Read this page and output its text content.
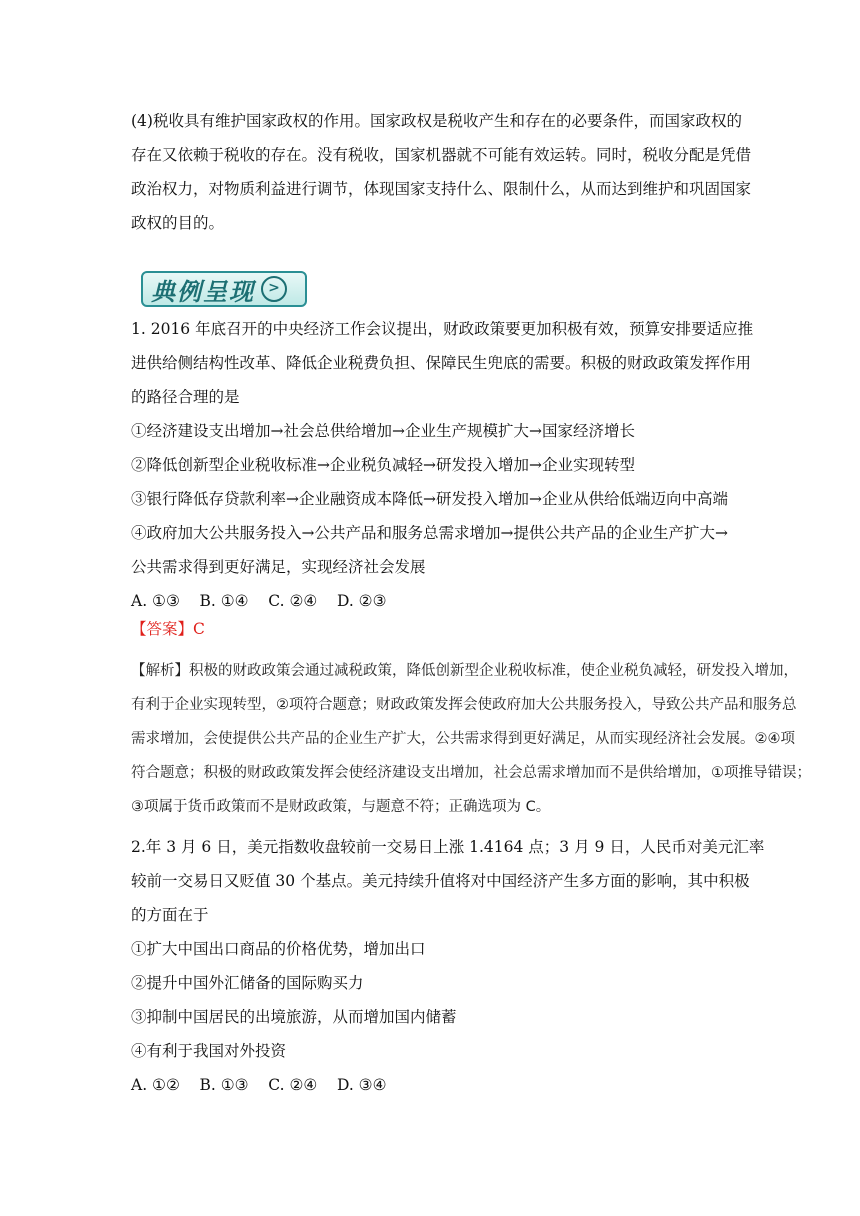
(4)税收具有维护国家政权的作用。国家政权是税收产生和存在的必要条件，而国家政权的
存在又依赖于税收的存在。没有税收，国家机器就不可能有效运转。同时，税收分配是凭借
政治权力，对物质利益进行调节，体现国家支持什么、限制什么，从而达到维护和巩固国家
政权的目的。
典例呈现 >
1. 2016 年底召开的中央经济工作会议提出，财政政策要更加积极有效，预算安排要适应推
进供给侧结构性改革、降低企业税费负担、保障民生兜底的需要。积极的财政政策发挥作用
的路径合理的是
①经济建设支出增加→社会总供给增加→企业生产规模扩大→国家经济增长
②降低创新型企业税收标准→企业税负减轻→研发投入增加→企业实现转型
③银行降低存贷款利率→企业融资成本降低→研发投入增加→企业从供给低端迈向中高端
④政府加大公共服务投入→公共产品和服务总需求增加→提供公共产品的企业生产扩大→
公共需求得到更好满足，实现经济社会发展
A. ①③    B. ①④    C. ②④    D. ②③
【答案】C
【解析】积极的财政政策会通过减税政策，降低创新型企业税收标准，使企业税负减轻，研发投入增加，
有利于企业实现转型，②项符合题意；财政政策发挥会使政府加大公共服务投入，导致公共产品和服务总
需求增加，会使提供公共产品的企业生产扩大，公共需求得到更好满足，从而实现经济社会发展。②④项
符合题意；积极的财政政策发挥会使经济建设支出增加，社会总需求增加而不是供给增加，①项推导错误；
③项属于货币政策而不是财政政策，与题意不符；正确选项为 C。
2.年 3 月 6 日，美元指数收盘较前一交易日上涨 1.4164 点；3 月 9 日，人民币对美元汇率
较前一交易日又贬值 30 个基点。美元持续升值将对中国经济产生多方面的影响，其中积极
的方面在于
①扩大中国出口商品的价格优势，增加出口
②提升中国外汇储备的国际购买力
③抑制中国居民的出境旅游，从而增加国内储蓄
④有利于我国对外投资
A. ①②    B. ①③    C. ②④    D. ③④
